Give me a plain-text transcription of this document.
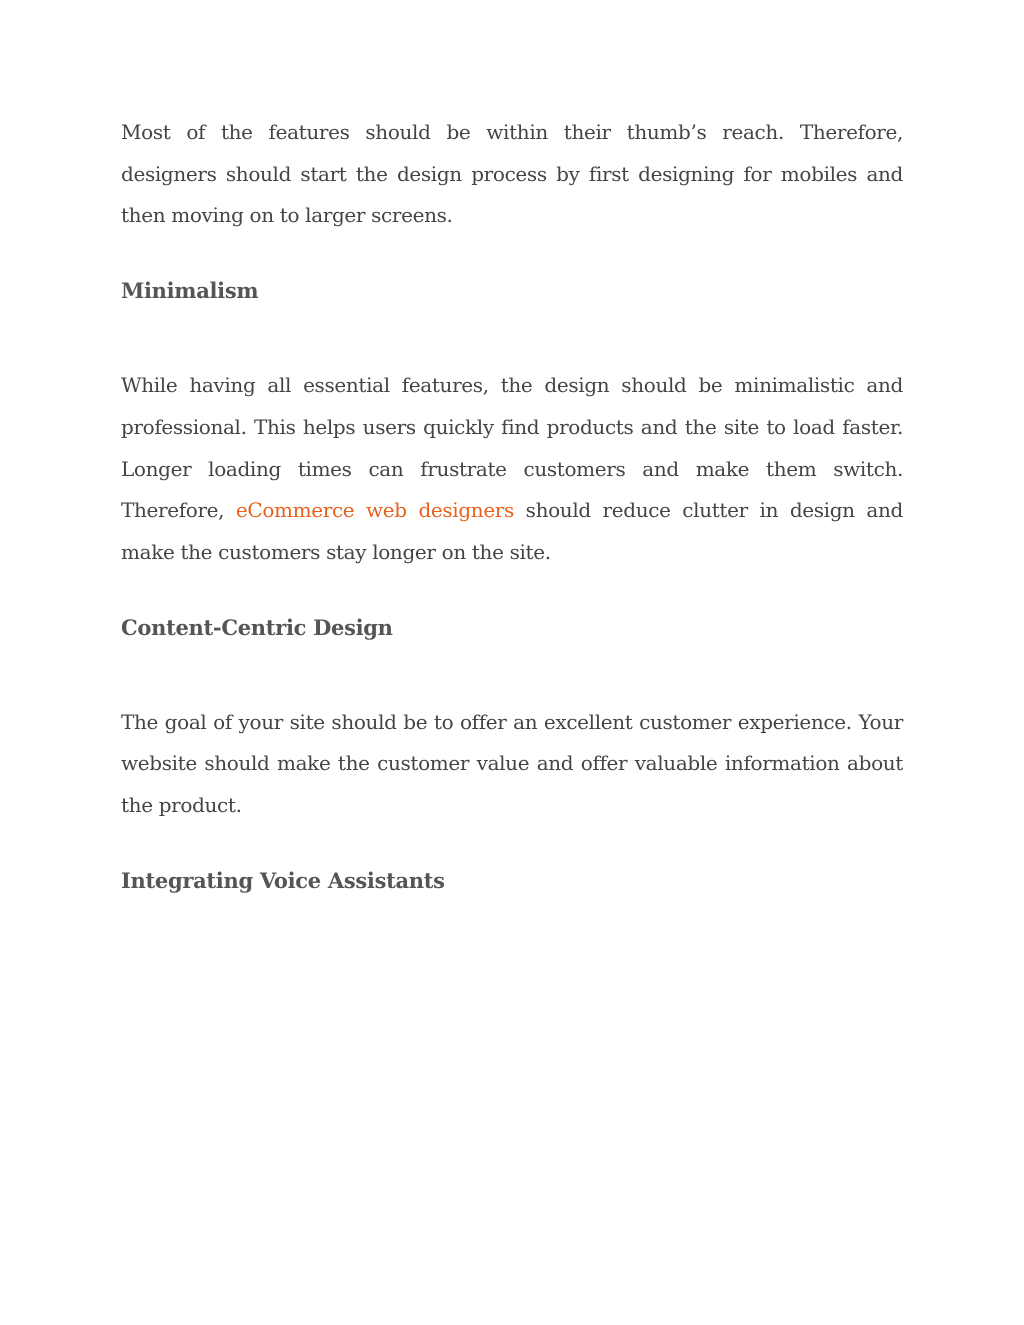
Most of the features should be within their thumb’s reach. Therefore, designers should start the design process by first designing for mobiles and then moving on to larger screens.

Minimalism

While having all essential features, the design should be minimalistic and professional. This helps users quickly find products and the site to load faster. Longer loading times can frustrate customers and make them switch. Therefore, eCommerce web designers should reduce clutter in design and make the customers stay longer on the site.

Content-Centric Design

The goal of your site should be to offer an excellent customer experience. Your website should make the customer value and offer valuable information about the product.

Integrating Voice Assistants
